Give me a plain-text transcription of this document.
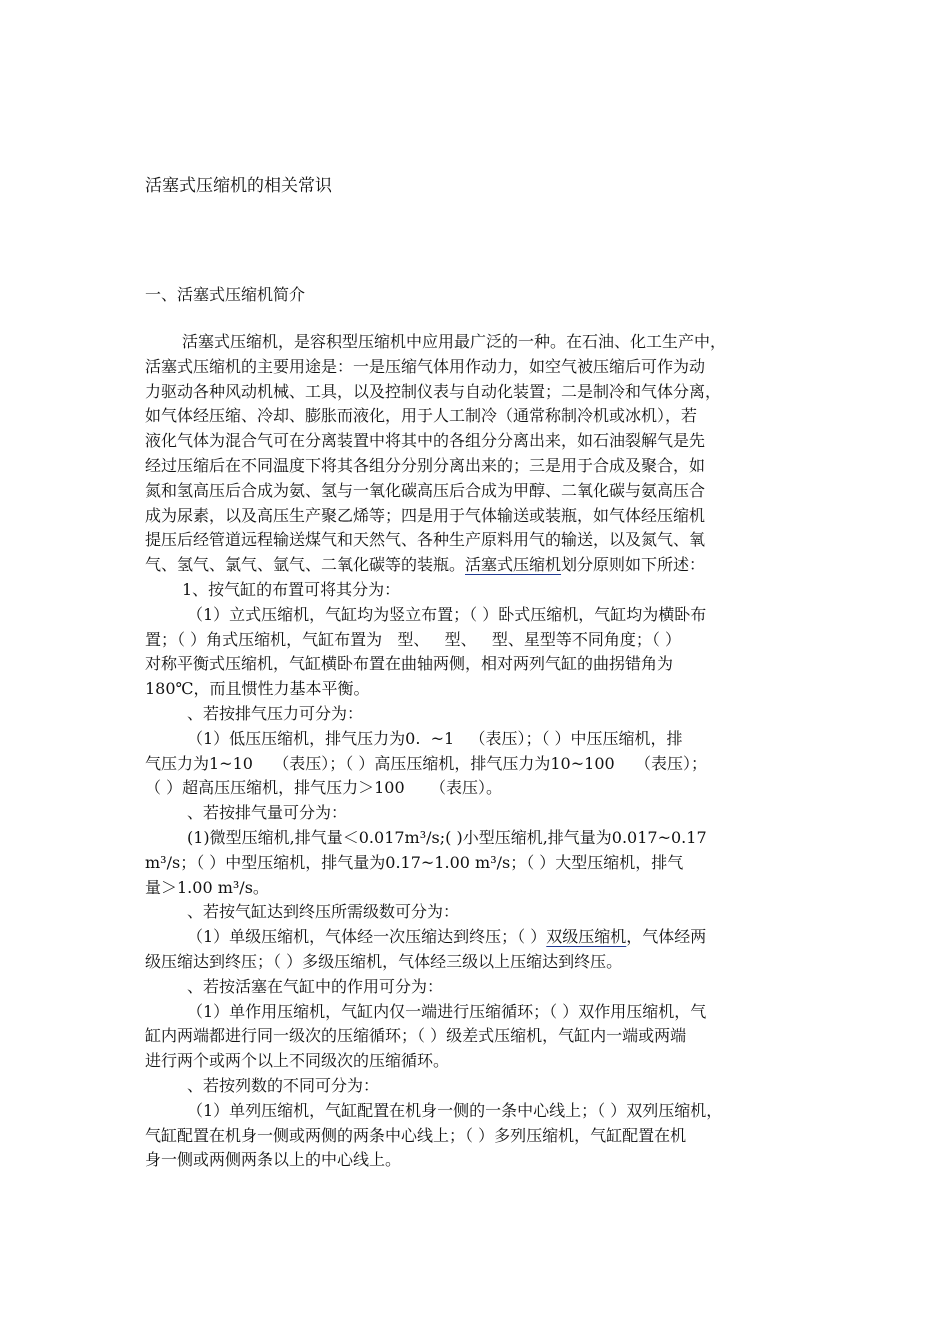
活塞式压缩机的相关常识
一、活塞式压缩机简介
活塞式压缩机，是容积型压缩机中应用最广泛的一种。在石油、化工生产中，
活塞式压缩机的主要用途是：一是压缩气体用作动力，如空气被压缩后可作为动
力驱动各种风动机械、工具，以及控制仪表与自动化装置；二是制冷和气体分离，
如气体经压缩、冷却、膨胀而液化，用于人工制冷（通常称制冷机或冰机），若
液化气体为混合气可在分离装置中将其中的各组分分离出来，如石油裂解气是先
经过压缩后在不同温度下将其各组分分别分离出来的；三是用于合成及聚合，如
氮和氢高压后合成为氨、氢与一氧化碳高压后合成为甲醇、二氧化碳与氨高压合
成为尿素，以及高压生产聚乙烯等；四是用于气体输送或装瓶，如气体经压缩机
提压后经管道远程输送煤气和天然气、各种生产原料用气的输送，以及氮气、氧
气、氢气、氯气、氩气、二氧化碳等的装瓶。活塞式压缩机划分原则如下所述：
1、按气缸的布置可将其分为：
（1）立式压缩机，气缸均为竖立布置；（ ）卧式压缩机，气缸均为横卧布
置；（ ）角式压缩机，气缸布置为   型、   型、   型、星型等不同角度；（ ）
对称平衡式压缩机，气缸横卧布置在曲轴两侧，相对两列气缸的曲拐错角为
180℃，而且惯性力基本平衡。
、若按排气压力可分为：
（1）低压压缩机，排气压力为0.  ~1   （表压）；（ ）中压压缩机，排
气压力为1~10    （表压）；（ ）高压压缩机，排气压力为10~100    （表压）；
（ ）超高压压缩机，排气压力＞100     （表压）。
、若按排气量可分为：
(1)微型压缩机,排气量＜0.017m³/s;( )小型压缩机,排气量为0.017~0.17
m³/s；（ ）中型压缩机，排气量为0.17~1.00 m³/s；（ ）大型压缩机，排气
量＞1.00 m³/s。
、若按气缸达到终压所需级数可分为：
（1）单级压缩机，气体经一次压缩达到终压；（ ）双级压缩机，气体经两
级压缩达到终压；（ ）多级压缩机，气体经三级以上压缩达到终压。
、若按活塞在气缸中的作用可分为：
（1）单作用压缩机，气缸内仅一端进行压缩循环；（ ）双作用压缩机，气
缸内两端都进行同一级次的压缩循环；（ ）级差式压缩机，气缸内一端或两端
进行两个或两个以上不同级次的压缩循环。
、若按列数的不同可分为：
（1）单列压缩机，气缸配置在机身一侧的一条中心线上；（ ）双列压缩机，
气缸配置在机身一侧或两侧的两条中心线上；（ ）多列压缩机，气缸配置在机
身一侧或两侧两条以上的中心线上。
